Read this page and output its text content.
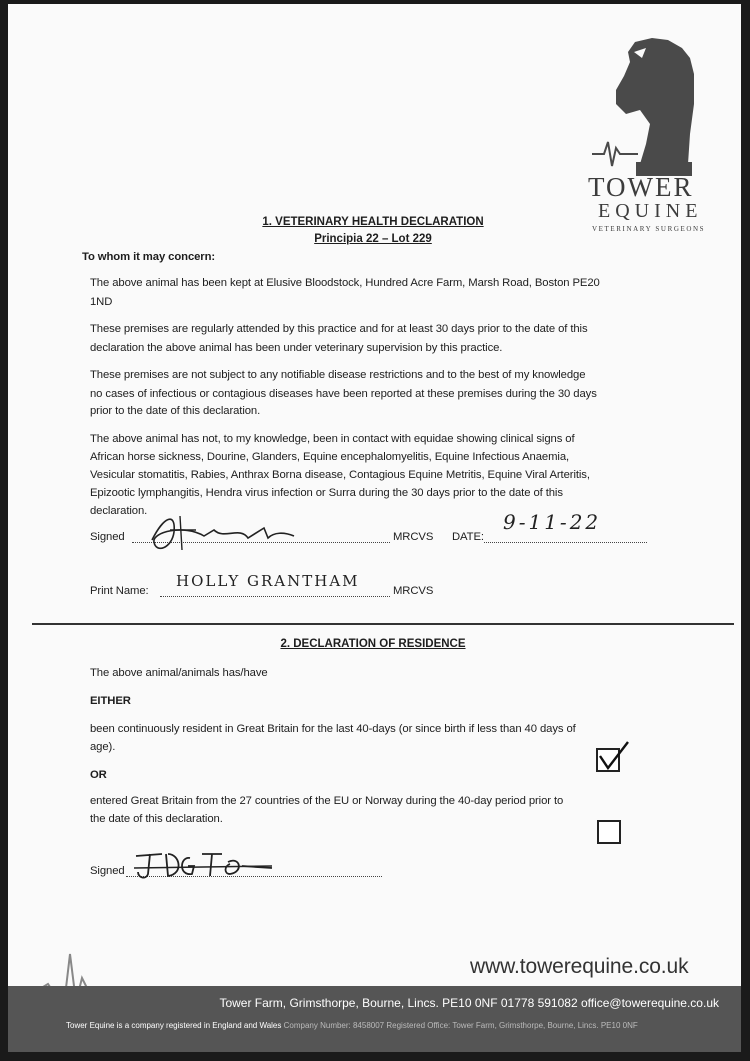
TOWER
EQUINE
VETERINARY SURGEONS
1. VETERINARY HEALTH DECLARATION
Principia 22 – Lot 229
To whom it may concern:
The above animal has been kept at Elusive Bloodstock, Hundred Acre Farm, Marsh Road, Boston PE20
1ND
These premises are regularly attended by this practice and for at least 30 days prior to the date of this
declaration the above animal has been under veterinary supervision by this practice.
These premises are not subject to any notifiable disease restrictions and to the best of my knowledge
no cases of infectious or contagious diseases have been reported at these premises during the 30 days
prior to the date of this declaration.
The above animal has not, to my knowledge, been in contact with equidae showing clinical signs of
African horse sickness, Dourine, Glanders, Equine encephalomyelitis, Equine Infectious Anaemia,
Vesicular stomatitis, Rabies, Anthrax Borna disease, Contagious Equine Metritis, Equine Viral Arteritis,
Epizootic lymphangitis, Hendra virus infection or Surra during the 30 days prior to the date of this
declaration.
Signed	MRCVS DATE:
9-11-22
Print Name:
HOLLY GRANTHAM
MRCVS
2. DECLARATION OF RESIDENCE
The above animal/animals has/have
EITHER
been continuously resident in Great Britain for the last 40-days (or since birth if less than 40 days of
age).
OR
entered Great Britain from the 27 countries of the EU or Norway during the 40-day period prior to
the date of this declaration.
Signed
www.towerequine.co.uk
Tower Farm, Grimsthorpe, Bourne, Lincs. PE10 0NF 01778 591082 office@towerequine.co.uk
Tower Equine is a company registered in England and Wales Company Number: 8458007 Registered Office: Tower Farm, Grimsthorpe, Bourne, Lincs. PE10 0NF
